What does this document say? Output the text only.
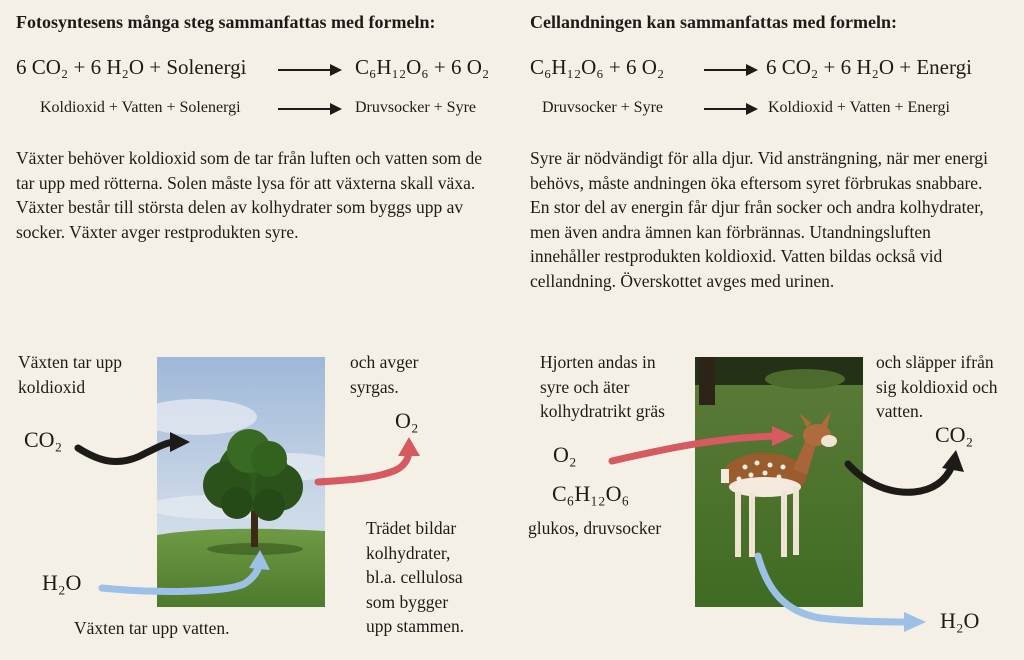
Fotosyntesens många steg sammanfattas med formeln:	Cellandningen kan sammanfattas med formeln:
6 CO₂ + 6 H₂O + Solenergi	C₆H₁₂O₆ + 6 O₂
Koldioxid + Vatten + Solenergi	Druvsocker + Syre
C₆H₁₂O₆ + 6 O₂	6 CO₂ + 6 H₂O + Energi
Druvsocker + Syre	Koldioxid + Vatten + Energi
Växter behöver koldioxid som de tar från luften och vatten som de tar upp med rötterna. Solen måste lysa för att växterna skall växa. Växter består till största delen av kolhydrater som byggs upp av socker. Växter avger restprodukten syre.
Syre är nödvändigt för alla djur. Vid ansträngning, när mer energi behövs, måste andningen öka eftersom syret förbrukas snabbare. En stor del av energin får djur från socker och andra kolhydrater, men även andra ämnen kan förbrännas. Utandningsluften innehåller restprodukten koldioxid. Vatten bildas också vid cellandning. Överskottet avges med urinen.
Växten tar upp
koldioxid
CO₂
och avger
syrgas.
O₂
H₂O
Växten tar upp vatten.
Trädet bildar
kolhydrater,
bl.a. cellulosa
som bygger
upp stammen.
Hjorten andas in
syre och äter
kolhydratrikt gräs
O₂
C₆H₁₂O₆
glukos, druvsocker
och släpper ifrån
sig koldioxid och
vatten.
CO₂
H₂O
